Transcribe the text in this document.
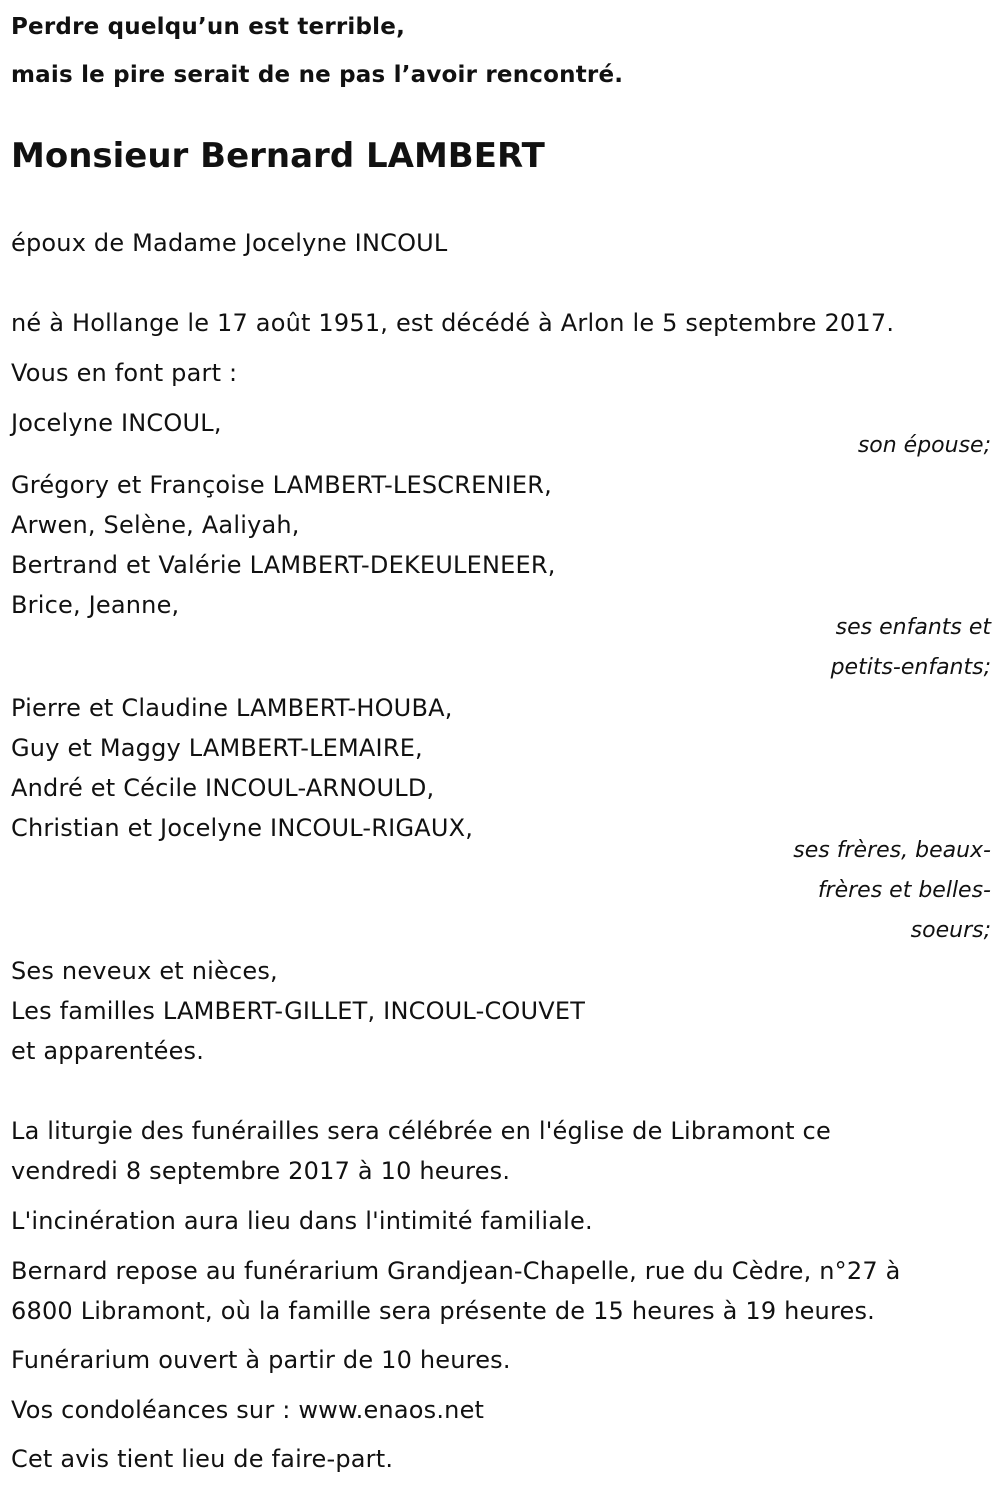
Perdre quelqu’un est terrible,
mais le pire serait de ne pas l’avoir rencontré.
Monsieur Bernard LAMBERT
époux de Madame Jocelyne INCOUL
né à Hollange le 17 août 1951, est décédé à Arlon le 5 septembre 2017.
Vous en font part :
Jocelyne INCOUL,
son épouse;
Grégory et Françoise LAMBERT-LESCRENIER,
Arwen, Selène, Aaliyah,
Bertrand et Valérie LAMBERT-DEKEULENEER,
Brice, Jeanne,
ses enfants et petits-enfants;
Pierre et Claudine LAMBERT-HOUBA,
Guy et Maggy LAMBERT-LEMAIRE,
André et Cécile INCOUL-ARNOULD,
Christian et Jocelyne INCOUL-RIGAUX,
ses frères, beaux-frères et belles-soeurs;
Ses neveux et nièces,
Les familles LAMBERT-GILLET, INCOUL-COUVET
et apparentées.
La liturgie des funérailles sera célébrée en l'église de Libramont ce
vendredi 8 septembre 2017 à 10 heures.
L'incinération aura lieu dans l'intimité familiale.
Bernard repose au funérarium Grandjean-Chapelle, rue du Cèdre, n°27 à
6800 Libramont, où la famille sera présente de 15 heures à 19 heures.
Funérarium ouvert à partir de 10 heures.
Vos condoléances sur : www.enaos.net
Cet avis tient lieu de faire-part.
